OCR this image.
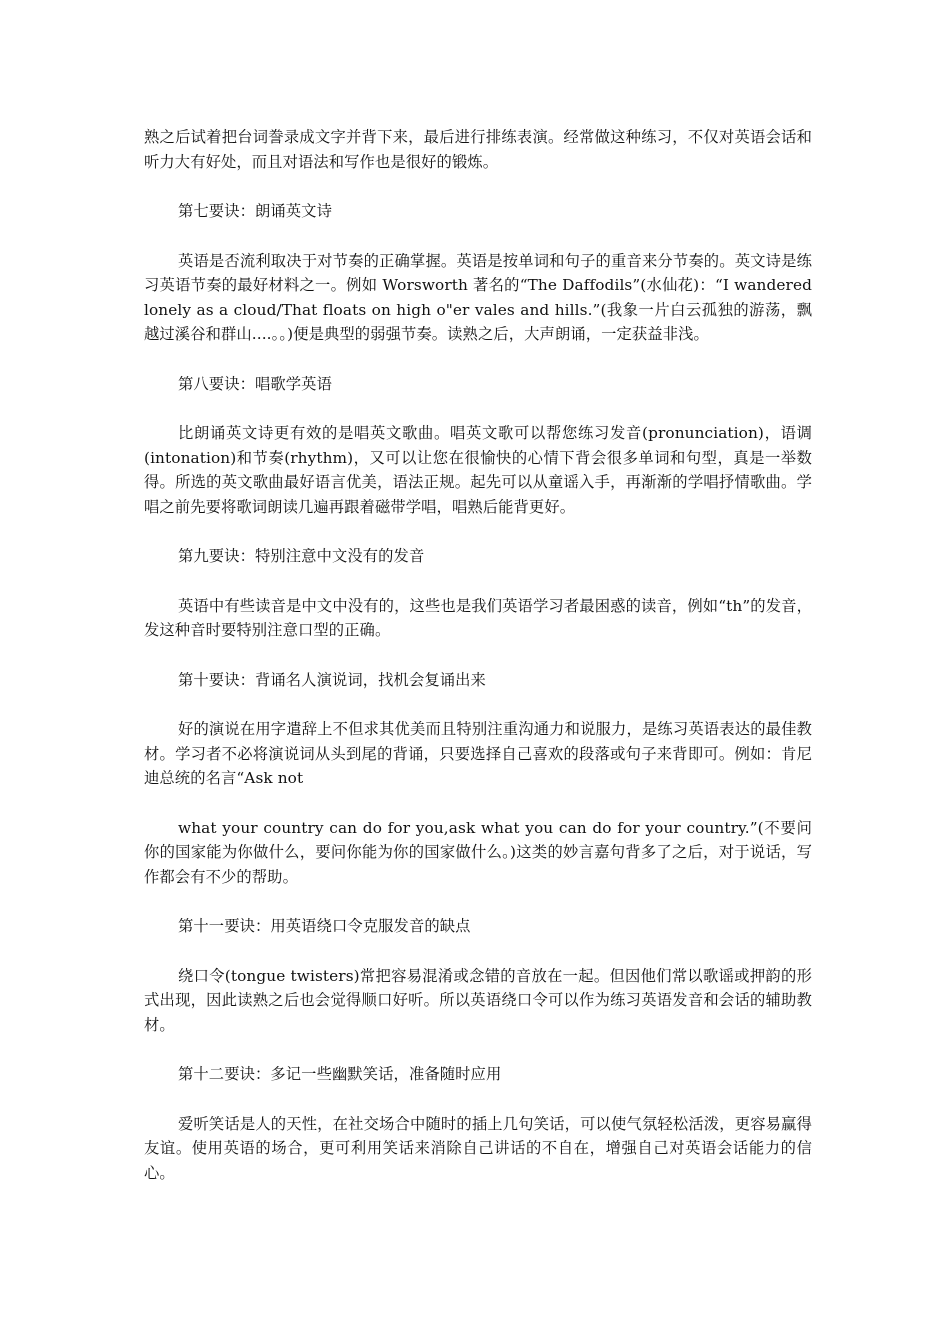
熟之后试着把台词誊录成文字并背下来，最后进行排练表演。经常做这种练习，不仅对英语会话和听力大有好处，而且对语法和写作也是很好的锻炼。

第七要诀：朗诵英文诗

英语是否流利取决于对节奏的正确掌握。英语是按单词和句子的重音来分节奏的。英文诗是练习英语节奏的最好材料之一。例如 Worsworth 著名的“The Daffodils”(水仙花)：“I wandered lonely as a cloud/That floats on high o"er vales and hills.”(我象一片白云孤独的游荡，飘越过溪谷和群山....。。)便是典型的弱强节奏。读熟之后，大声朗诵，一定获益非浅。

第八要诀：唱歌学英语

比朗诵英文诗更有效的是唱英文歌曲。唱英文歌可以帮您练习发音(pronunciation)，语调(intonation)和节奏(rhythm)，又可以让您在很愉快的心情下背会很多单词和句型，真是一举数得。所选的英文歌曲最好语言优美，语法正规。起先可以从童谣入手，再渐渐的学唱抒情歌曲。学唱之前先要将歌词朗读几遍再跟着磁带学唱，唱熟后能背更好。

第九要诀：特别注意中文没有的发音

英语中有些读音是中文中没有的，这些也是我们英语学习者最困惑的读音，例如“th”的发音，发这种音时要特别注意口型的正确。

第十要诀：背诵名人演说词，找机会复诵出来

好的演说在用字遣辞上不但求其优美而且特别注重沟通力和说服力，是练习英语表达的最佳教材。学习者不必将演说词从头到尾的背诵，只要选择自己喜欢的段落或句子来背即可。例如：肯尼迪总统的名言“Ask not

what your country can do for you,ask what you can do for your country.”(不要问你的国家能为你做什么，要问你能为你的国家做什么。)这类的妙言嘉句背多了之后，对于说话，写作都会有不少的帮助。

第十一要诀：用英语绕口令克服发音的缺点

绕口令(tongue twisters)常把容易混淆或念错的音放在一起。但因他们常以歌谣或押韵的形式出现，因此读熟之后也会觉得顺口好听。所以英语绕口令可以作为练习英语发音和会话的辅助教材。

第十二要诀：多记一些幽默笑话，准备随时应用

爱听笑话是人的天性，在社交场合中随时的插上几句笑话，可以使气氛轻松活泼，更容易赢得友谊。使用英语的场合，更可利用笑话来消除自己讲话的不自在，增强自己对英语会话能力的信心。
